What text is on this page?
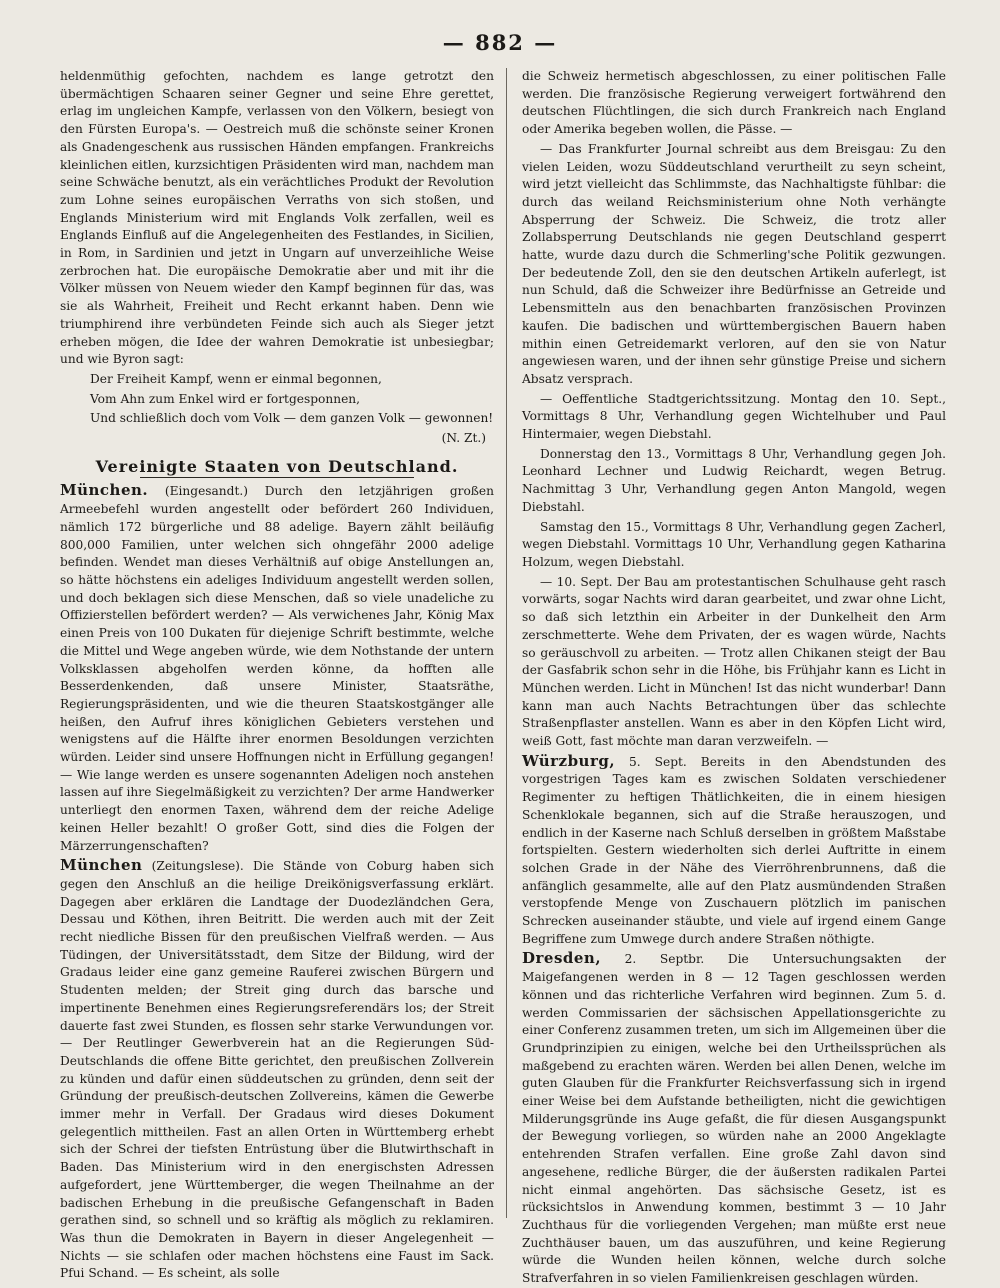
— 882 —

heldenmüthig gefochten, nachdem es lange getrotzt den übermächtigen Schaaren seiner Gegner und seine Ehre gerettet, erlag im ungleichen Kampfe, verlassen von den Völkern, besiegt von den Fürsten Europa's. — Oestreich muß die schönste seiner Kronen als Gnadengeschenk aus russischen Händen empfangen. Frankreichs kleinlichen eitlen, kurzsichtigen Präsidenten wird man, nachdem man seine Schwäche benutzt, als ein verächtliches Produkt der Revolution zum Lohne seines europäischen Verraths von sich stoßen, und Englands Ministerium wird mit Englands Volk zerfallen, weil es Englands Einfluß auf die Angelegenheiten des Festlandes, in Sicilien, in Rom, in Sardinien und jetzt in Ungarn auf unverzeihliche Weise zerbrochen hat. Die europäische Demokratie aber und mit ihr die Völker müssen von Neuem wieder den Kampf beginnen für das, was sie als Wahrheit, Freiheit und Recht erkannt haben. Denn wie triumphirend ihre verbündeten Feinde sich auch als Sieger jetzt erheben mögen, die Idee der wahren Demokratie ist unbesiegbar; und wie Byron sagt:

Der Freiheit Kampf, wenn er einmal begonnen,

Vom Ahn zum Enkel wird er fortgesponnen,

Und schließlich doch vom Volk — dem ganzen Volk — gewonnen!

(N. Zt.)

Vereinigte Staaten von Deutschland.

München. (Eingesandt.) Durch den letzjährigen großen Armeebefehl wurden angestellt oder befördert 260 Individuen, nämlich 172 bürgerliche und 88 adelige. Bayern zählt beiläufig 800,000 Familien, unter welchen sich ohngefähr 2000 adelige befinden. Wendet man dieses Verhältniß auf obige Anstellungen an, so hätte höchstens ein adeliges Individuum angestellt werden sollen, und doch beklagen sich diese Menschen, daß so viele unadeliche zu Offizierstellen befördert werden? — Als verwichenes Jahr, König Max einen Preis von 100 Dukaten für diejenige Schrift bestimmte, welche die Mittel und Wege angeben würde, wie dem Nothstande der untern Volksklassen abgeholfen werden könne, da hofften alle Besserdenkenden, daß unsere Minister, Staatsräthe, Regierungspräsidenten, und wie die theuren Staatskostgänger alle heißen, den Aufruf ihres königlichen Gebieters verstehen und wenigstens auf die Hälfte ihrer enormen Besoldungen verzichten würden. Leider sind unsere Hoffnungen nicht in Erfüllung gegangen! — Wie lange werden es unsere sogenannten Adeligen noch anstehen lassen auf ihre Siegelmäßigkeit zu verzichten? Der arme Handwerker unterliegt den enormen Taxen, während dem der reiche Adelige keinen Heller bezahlt! O großer Gott, sind dies die Folgen der Märzerrungenschaften?

München (Zeitungslese). Die Stände von Coburg haben sich gegen den Anschluß an die heilige Dreikönigsverfassung erklärt. Dagegen aber erklären die Landtage der Duodezländchen Gera, Dessau und Köthen, ihren Beitritt. Die werden auch mit der Zeit recht niedliche Bissen für den preußischen Vielfraß werden. — Aus Tüdingen, der Universitätsstadt, dem Sitze der Bildung, wird der Gradaus leider eine ganz gemeine Rauferei zwischen Bürgern und Studenten melden; der Streit ging durch das barsche und impertinente Benehmen eines Regierungsreferendärs los; der Streit dauerte fast zwei Stunden, es flossen sehr starke Verwundungen vor. — Der Reutlinger Gewerbverein hat an die Regierungen Süd-Deutschlands die offene Bitte gerichtet, den preußischen Zollverein zu künden und dafür einen süddeutschen zu gründen, denn seit der Gründung der preußisch-deutschen Zollvereins, kämen die Gewerbe immer mehr in Verfall. Der Gradaus wird dieses Dokument gelegentlich mittheilen. Fast an allen Orten in Württemberg erhebt sich der Schrei der tiefsten Entrüstung über die Blutwirthschaft in Baden. Das Ministerium wird in den energischsten Adressen aufgefordert, jene Württemberger, die wegen Theilnahme an der badischen Erhebung in die preußische Gefangenschaft in Baden gerathen sind, so schnell und so kräftig als möglich zu reklamiren. Was thun die Demokraten in Bayern in dieser Angelegenheit — Nichts — sie schlafen oder machen höchstens eine Faust im Sack. Pfui Schand. — Es scheint, als solle

die Schweiz hermetisch abgeschlossen, zu einer politischen Falle werden. Die französische Regierung verweigert fortwährend den deutschen Flüchtlingen, die sich durch Frankreich nach England oder Amerika begeben wollen, die Pässe. —

— Das Frankfurter Journal schreibt aus dem Breisgau: Zu den vielen Leiden, wozu Süddeutschland verurtheilt zu seyn scheint, wird jetzt vielleicht das Schlimmste, das Nachhaltigste fühlbar: die durch das weiland Reichsministerium ohne Noth verhängte Absperrung der Schweiz. Die Schweiz, die trotz aller Zollabsperrung Deutschlands nie gegen Deutschland gesperrt hatte, wurde dazu durch die Schmerling'sche Politik gezwungen. Der bedeutende Zoll, den sie den deutschen Artikeln auferlegt, ist nun Schuld, daß die Schweizer ihre Bedürfnisse an Getreide und Lebensmitteln aus den benachbarten französischen Provinzen kaufen. Die badischen und württembergischen Bauern haben mithin einen Getreidemarkt verloren, auf den sie von Natur angewiesen waren, und der ihnen sehr günstige Preise und sichern Absatz versprach.

— Oeffentliche Stadtgerichtssitzung. Montag den 10. Sept., Vormittags 8 Uhr, Verhandlung gegen Wichtelhuber und Paul Hintermaier, wegen Diebstahl.

Donnerstag den 13., Vormittags 8 Uhr, Verhandlung gegen Joh. Leonhard Lechner und Ludwig Reichardt, wegen Betrug. Nachmittag 3 Uhr, Verhandlung gegen Anton Mangold, wegen Diebstahl.

Samstag den 15., Vormittags 8 Uhr, Verhandlung gegen Zacherl, wegen Diebstahl. Vormittags 10 Uhr, Verhandlung gegen Katharina Holzum, wegen Diebstahl.

— 10. Sept. Der Bau am protestantischen Schulhause geht rasch vorwärts, sogar Nachts wird daran gearbeitet, und zwar ohne Licht, so daß sich letzthin ein Arbeiter in der Dunkelheit den Arm zerschmetterte. Wehe dem Privaten, der es wagen würde, Nachts so geräuschvoll zu arbeiten. — Trotz allen Chikanen steigt der Bau der Gasfabrik schon sehr in die Höhe, bis Frühjahr kann es Licht in München werden. Licht in München! Ist das nicht wunderbar! Dann kann man auch Nachts Betrachtungen über das schlechte Straßenpflaster anstellen. Wann es aber in den Köpfen Licht wird, weiß Gott, fast möchte man daran verzweifeln. —

Würzburg, 5. Sept. Bereits in den Abendstunden des vorgestrigen Tages kam es zwischen Soldaten verschiedener Regimenter zu heftigen Thätlichkeiten, die in einem hiesigen Schenklokale begannen, sich auf die Straße herauszogen, und endlich in der Kaserne nach Schluß derselben in größtem Maßstabe fortspielten. Gestern wiederholten sich derlei Auftritte in einem solchen Grade in der Nähe des Vierröhrenbrunnens, daß die anfänglich gesammelte, alle auf den Platz ausmündenden Straßen verstopfende Menge von Zuschauern plötzlich im panischen Schrecken auseinander stäubte, und viele auf irgend einem Gange Begriffene zum Umwege durch andere Straßen nöthigte.

Dresden, 2. Septbr. Die Untersuchungsakten der Maigefangenen werden in 8 — 12 Tagen geschlossen werden können und das richterliche Verfahren wird beginnen. Zum 5. d. werden Commissarien der sächsischen Appellationsgerichte zu einer Conferenz zusammen treten, um sich im Allgemeinen über die Grundprinzipien zu einigen, welche bei den Urtheilssprüchen als maßgebend zu erachten wären. Werden bei allen Denen, welche im guten Glauben für die Frankfurter Reichsverfassung sich in irgend einer Weise bei dem Aufstande betheiligten, nicht die gewichtigen Milderungsgründe ins Auge gefaßt, die für diesen Ausgangspunkt der Bewegung vorliegen, so würden nahe an 2000 Angeklagte entehrenden Strafen verfallen. Eine große Zahl davon sind angesehene, redliche Bürger, die der äußersten radikalen Partei nicht einmal angehörten. Das sächsische Gesetz, ist es rücksichtslos in Anwendung kommen, bestimmt 3 — 10 Jahr Zuchthaus für die vorliegenden Vergehen; man müßte erst neue Zuchthäuser bauen, um das auszuführen, und keine Regierung würde die Wunden heilen können, welche durch solche Strafverfahren in so vielen Familienkreisen geschlagen würden.
